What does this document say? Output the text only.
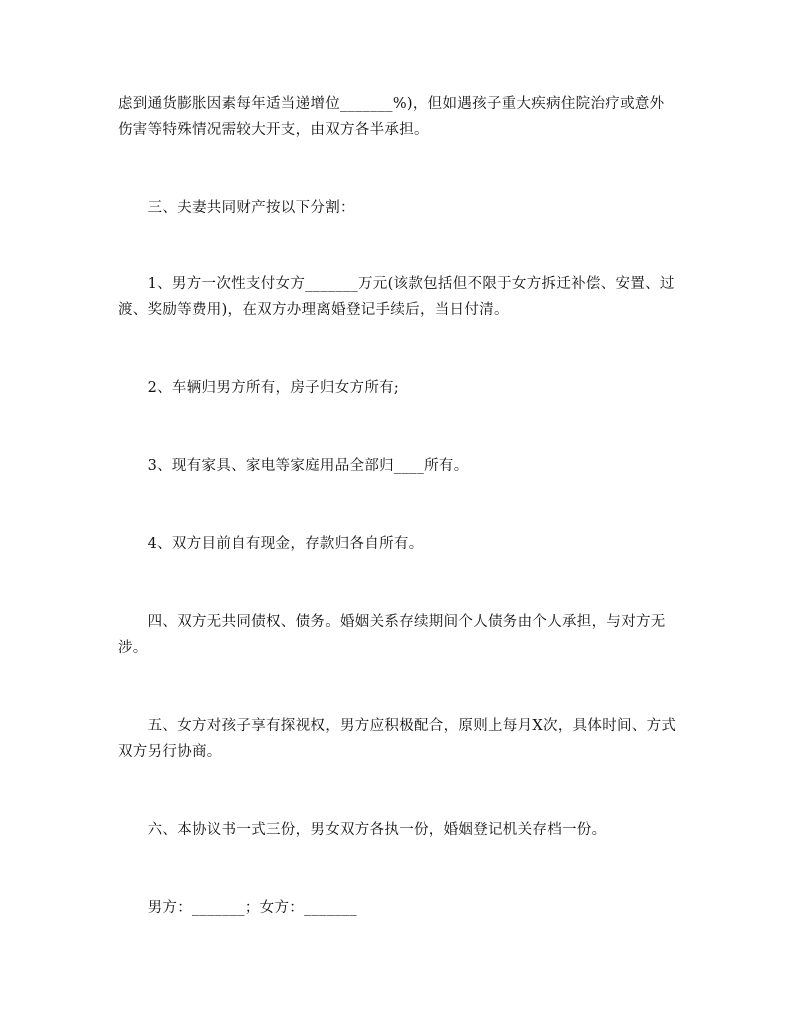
虑到通货膨胀因素每年适当递增位_______%)，但如遇孩子重大疾病住院治疗或意外伤害等特殊情况需较大开支，由双方各半承担。
　　三、夫妻共同财产按以下分割：
　　1、男方一次性支付女方_______万元(该款包括但不限于女方拆迁补偿、安置、过渡、奖励等费用)，在双方办理离婚登记手续后，当日付清。
　　2、车辆归男方所有，房子归女方所有;
　　3、现有家具、家电等家庭用品全部归____所有。
　　4、双方目前自有现金，存款归各自所有。
　　四、双方无共同债权、债务。婚姻关系存续期间个人债务由个人承担，与对方无涉。
　　五、女方对孩子享有探视权，男方应积极配合，原则上每月X次，具体时间、方式双方另行协商。
　　六、本协议书一式三份，男女双方各执一份，婚姻登记机关存档一份。
　　男方：_______；女方：_______
